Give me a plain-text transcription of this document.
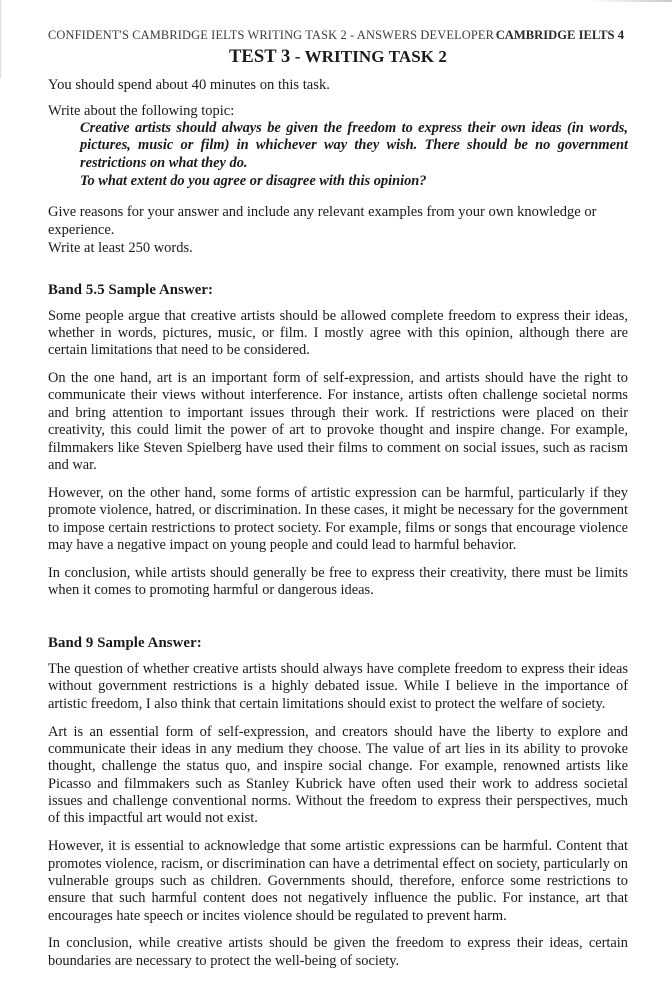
CONFIDENT'S CAMBRIDGE IELTS WRITING TASK 2 - ANSWERS DEVELOPER CAMBRIDGE IELTS 4
TEST 3 - WRITING TASK 2
You should spend about 40 minutes on this task.
Write about the following topic:

Creative artists should always be given the freedom to express their own ideas (in words, pictures, music or film) in whichever way they wish. There should be no government restrictions on what they do.

To what extent do you agree or disagree with this opinion?

Give reasons for your answer and include any relevant examples from your own knowledge or experience.
Write at least 250 words.
Band 5.5 Sample Answer:

Some people argue that creative artists should be allowed complete freedom to express their ideas, whether in words, pictures, music, or film. I mostly agree with this opinion, although there are certain limitations that need to be considered.

On the one hand, art is an important form of self-expression, and artists should have the right to communicate their views without interference. For instance, artists often challenge societal norms and bring attention to important issues through their work. If restrictions were placed on their creativity, this could limit the power of art to provoke thought and inspire change. For example, filmmakers like Steven Spielberg have used their films to comment on social issues, such as racism and war.

However, on the other hand, some forms of artistic expression can be harmful, particularly if they promote violence, hatred, or discrimination. In these cases, it might be necessary for the government to impose certain restrictions to protect society. For example, films or songs that encourage violence may have a negative impact on young people and could lead to harmful behavior.

In conclusion, while artists should generally be free to express their creativity, there must be limits when it comes to promoting harmful or dangerous ideas.

Band 9 Sample Answer:

The question of whether creative artists should always have complete freedom to express their ideas without government restrictions is a highly debated issue. While I believe in the importance of artistic freedom, I also think that certain limitations should exist to protect the welfare of society.

Art is an essential form of self-expression, and creators should have the liberty to explore and communicate their ideas in any medium they choose. The value of art lies in its ability to provoke thought, challenge the status quo, and inspire social change. For example, renowned artists like Picasso and filmmakers such as Stanley Kubrick have often used their work to address societal issues and challenge conventional norms. Without the freedom to express their perspectives, much of this impactful art would not exist.

However, it is essential to acknowledge that some artistic expressions can be harmful. Content that promotes violence, racism, or discrimination can have a detrimental effect on society, particularly on vulnerable groups such as children. Governments should, therefore, enforce some restrictions to ensure that such harmful content does not negatively influence the public. For instance, art that encourages hate speech or incites violence should be regulated to prevent harm.

In conclusion, while creative artists should be given the freedom to express their ideas, certain boundaries are necessary to protect the well-being of society.
